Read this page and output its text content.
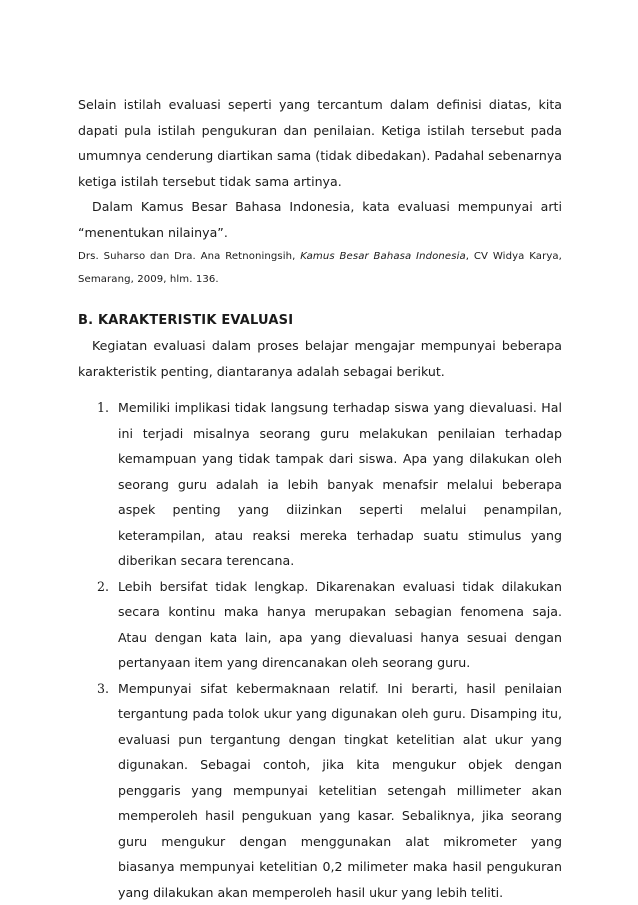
Selain istilah evaluasi seperti yang tercantum dalam definisi diatas, kita dapati pula istilah pengukuran dan penilaian. Ketiga istilah tersebut pada umumnya cenderung diartikan sama (tidak dibedakan). Padahal sebenarnya ketiga istilah tersebut tidak sama artinya.

Dalam Kamus Besar Bahasa Indonesia, kata evaluasi mempunyai arti “menentukan nilainya”.

Drs. Suharso dan Dra. Ana Retnoningsih, Kamus Besar Bahasa Indonesia, CV Widya Karya, Semarang, 2009, hlm. 136.

B. KARAKTERISTIK EVALUASI

Kegiatan evaluasi dalam proses belajar mengajar mempunyai beberapa karakteristik penting, diantaranya adalah sebagai berikut.

1. Memiliki implikasi tidak langsung terhadap siswa yang dievaluasi. Hal ini terjadi misalnya seorang guru melakukan penilaian terhadap kemampuan yang tidak tampak dari siswa. Apa yang dilakukan oleh seorang guru adalah ia lebih banyak menafsir melalui beberapa aspek penting yang diizinkan seperti melalui penampilan, keterampilan, atau reaksi mereka terhadap suatu stimulus yang diberikan secara terencana.

2. Lebih bersifat tidak lengkap. Dikarenakan evaluasi tidak dilakukan secara kontinu maka hanya merupakan sebagian fenomena saja. Atau dengan kata lain, apa yang dievaluasi hanya sesuai dengan pertanyaan item yang direncanakan oleh seorang guru.

3. Mempunyai sifat kebermaknaan relatif. Ini berarti, hasil penilaian tergantung pada tolok ukur yang digunakan oleh guru. Disamping itu, evaluasi pun tergantung dengan tingkat ketelitian alat ukur yang digunakan. Sebagai contoh, jika kita mengukur objek dengan penggaris yang mempunyai ketelitian setengah millimeter akan memperoleh hasil pengukuan yang kasar. Sebaliknya, jika seorang guru mengukur dengan menggunakan alat mikrometer yang biasanya mempunyai ketelitian 0,2 milimeter maka hasil pengukuran yang dilakukan akan memperoleh hasil ukur yang lebih teliti.
